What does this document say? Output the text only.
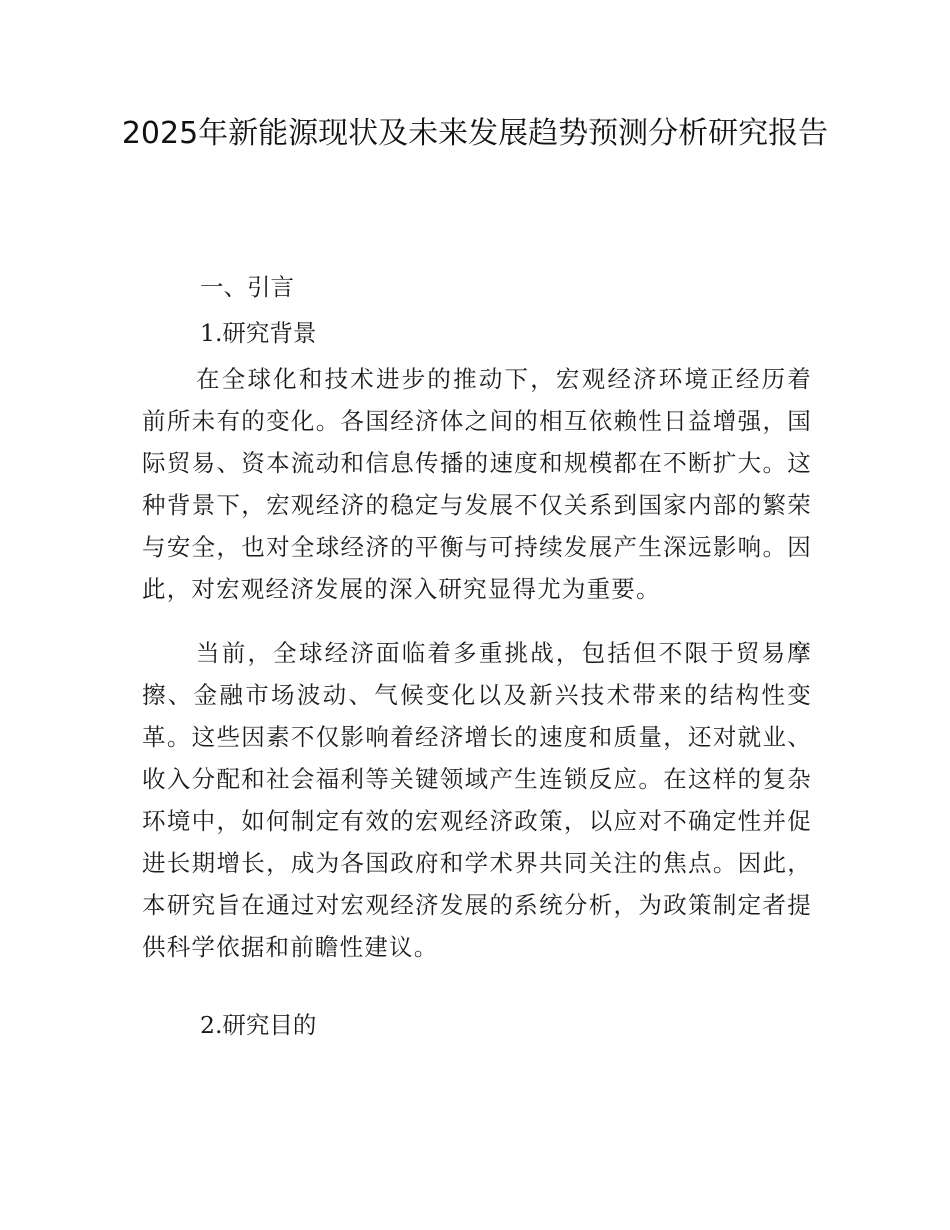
2025年新能源现状及未来发展趋势预测分析研究报告

一、引言

1.研究背景

在全球化和技术进步的推动下，宏观经济环境正经历着前所未有的变化。各国经济体之间的相互依赖性日益增强，国际贸易、资本流动和信息传播的速度和规模都在不断扩大。这种背景下，宏观经济的稳定与发展不仅关系到国家内部的繁荣与安全，也对全球经济的平衡与可持续发展产生深远影响。因此，对宏观经济发展的深入研究显得尤为重要。

当前，全球经济面临着多重挑战，包括但不限于贸易摩擦、金融市场波动、气候变化以及新兴技术带来的结构性变革。这些因素不仅影响着经济增长的速度和质量，还对就业、收入分配和社会福利等关键领域产生连锁反应。在这样的复杂环境中，如何制定有效的宏观经济政策，以应对不确定性并促进长期增长，成为各国政府和学术界共同关注的焦点。因此，本研究旨在通过对宏观经济发展的系统分析，为政策制定者提供科学依据和前瞻性建议。

2.研究目的
